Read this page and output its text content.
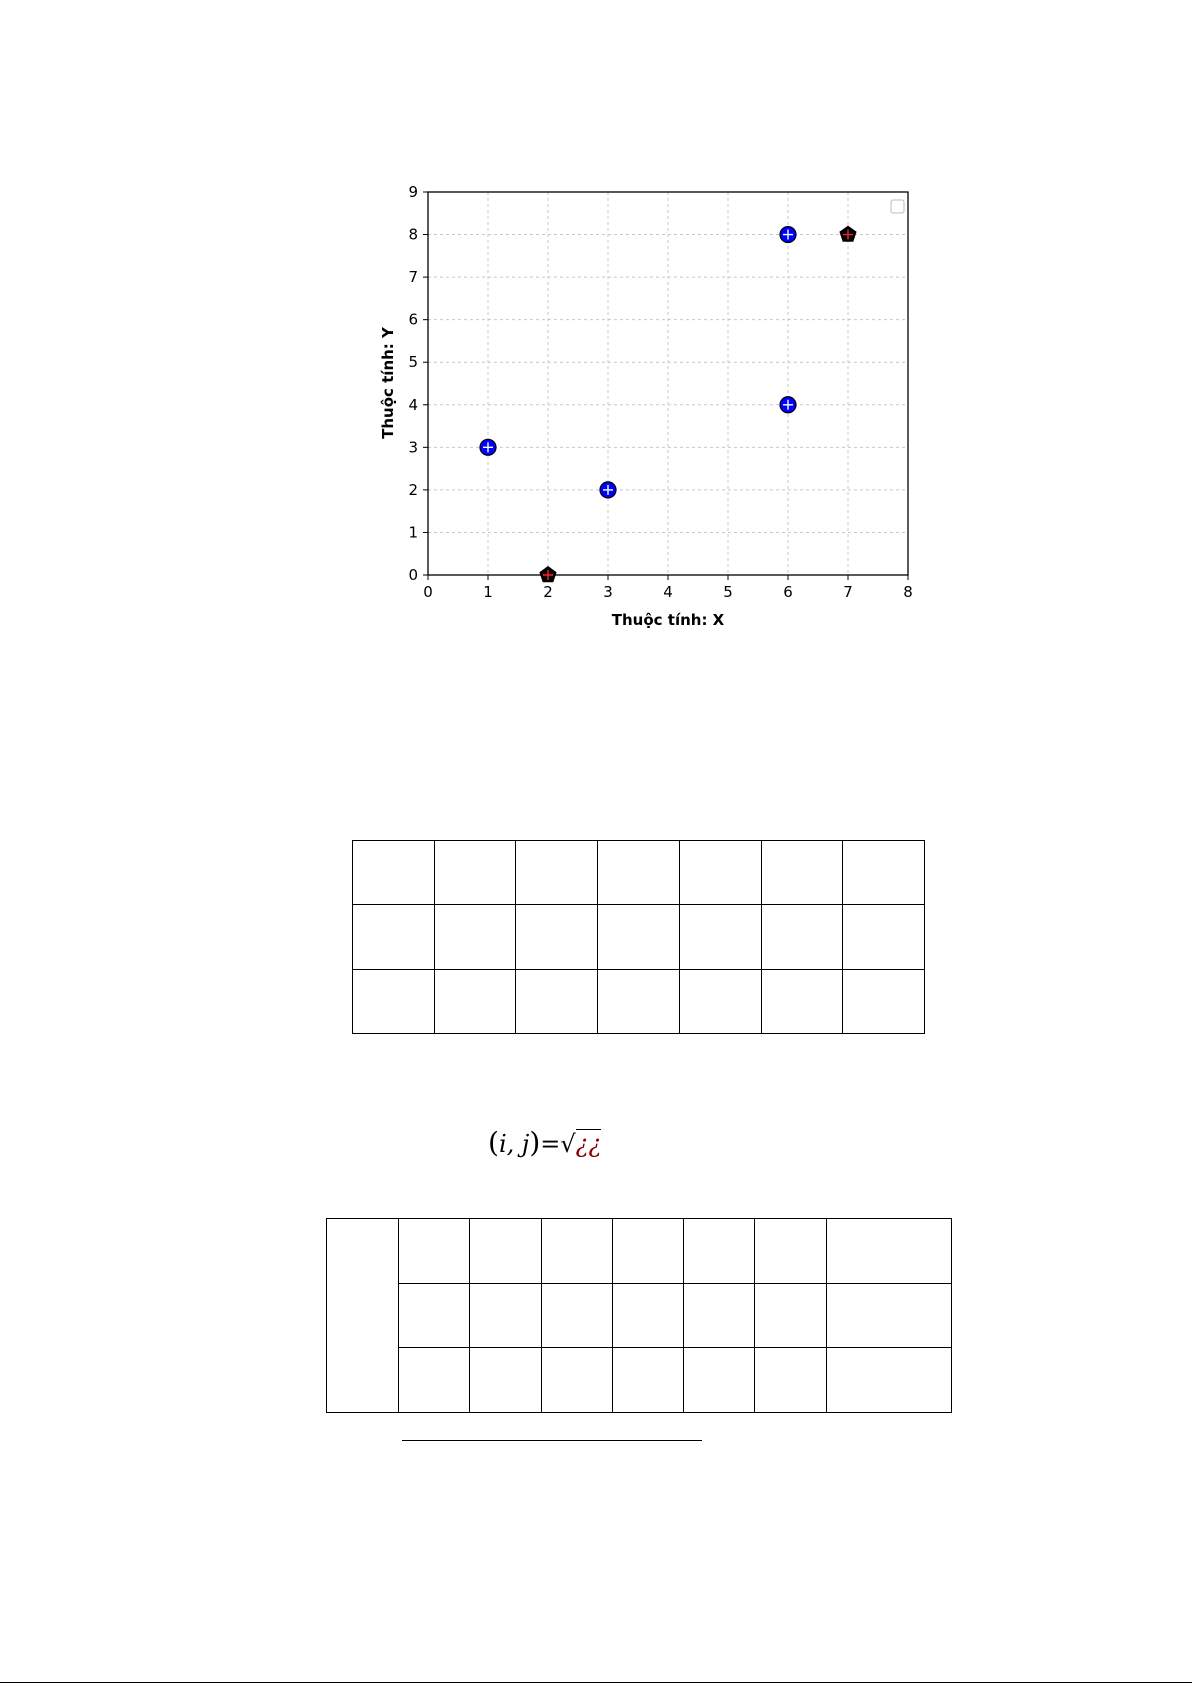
0	1	2	3	4	5	6	7	8
0
1
2
3
4
5
6
7
8
9
Thuộc tính: X
Thuộc tính: Y

(i, j)=√¿¿
